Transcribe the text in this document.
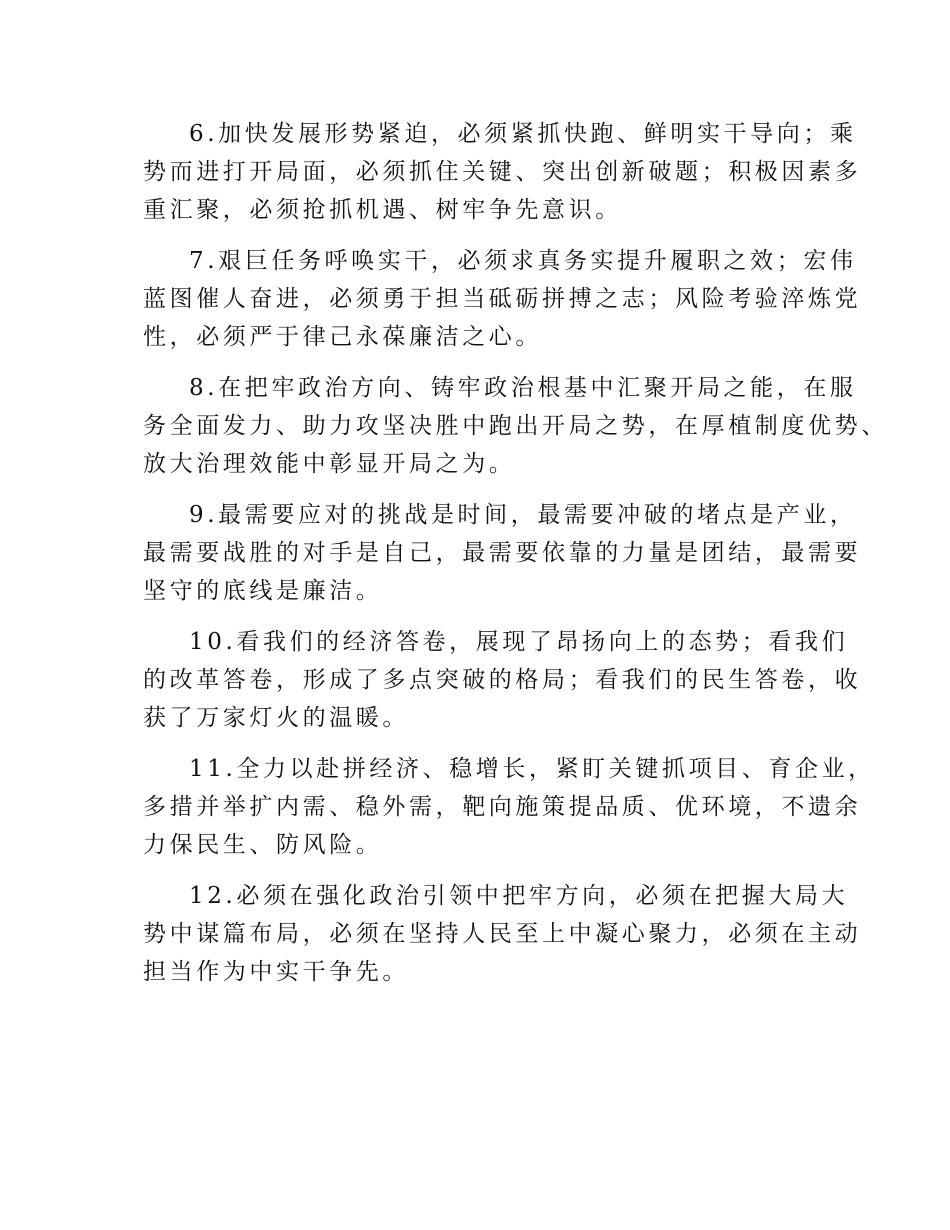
6.加快发展形势紧迫，必须紧抓快跑、鲜明实干导向；乘
势而进打开局面，必须抓住关键、突出创新破题；积极因素多
重汇聚，必须抢抓机遇、树牢争先意识。

7.艰巨任务呼唤实干，必须求真务实提升履职之效；宏伟
蓝图催人奋进，必须勇于担当砥砺拼搏之志；风险考验淬炼党
性，必须严于律己永葆廉洁之心。

8.在把牢政治方向、铸牢政治根基中汇聚开局之能，在服
务全面发力、助力攻坚决胜中跑出开局之势，在厚植制度优势、
放大治理效能中彰显开局之为。

9.最需要应对的挑战是时间，最需要冲破的堵点是产业，
最需要战胜的对手是自己，最需要依靠的力量是团结，最需要
坚守的底线是廉洁。

10.看我们的经济答卷，展现了昂扬向上的态势；看我们
的改革答卷，形成了多点突破的格局；看我们的民生答卷，收
获了万家灯火的温暖。

11.全力以赴拼经济、稳增长，紧盯关键抓项目、育企业，
多措并举扩内需、稳外需，靶向施策提品质、优环境，不遗余
力保民生、防风险。

12.必须在强化政治引领中把牢方向，必须在把握大局大
势中谋篇布局，必须在坚持人民至上中凝心聚力，必须在主动
担当作为中实干争先。
